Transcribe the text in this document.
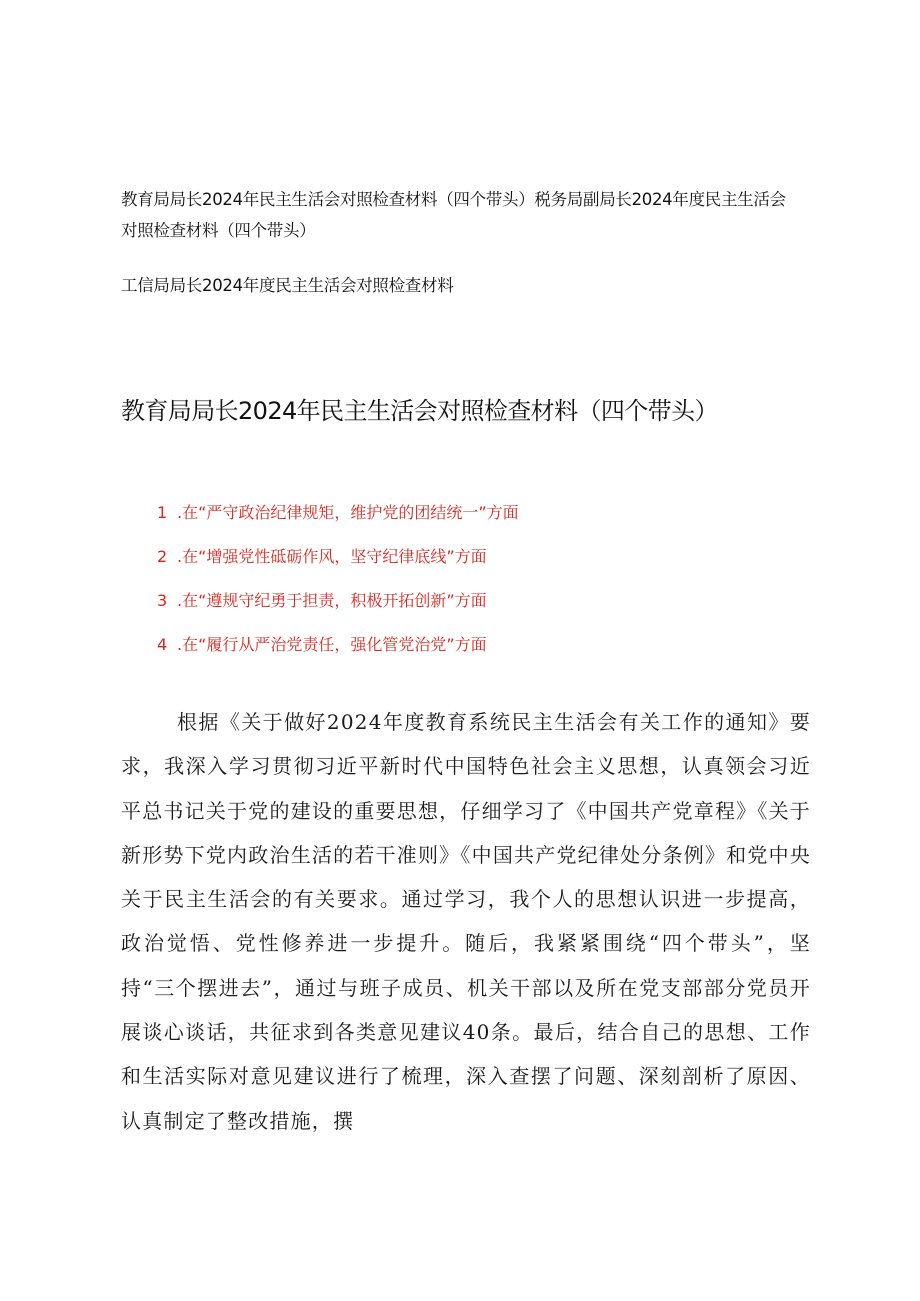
教育局局长2024年民主生活会对照检查材料（四个带头）税务局副局长2024年度民主生活会
对照检查材料（四个带头）
工信局局长2024年度民主生活会对照检查材料
教育局局长2024年民主生活会对照检查材料（四个带头）
1 .在“严守政治纪律规矩，维护党的团结统一”方面
2 .在“增强党性砥砺作风，坚守纪律底线”方面
3 .在“遵规守纪勇于担责，积极开拓创新”方面
4 .在“履行从严治党责任，强化管党治党”方面
根据《关于做好2024年度教育系统民主生活会有关工作的通知》要求，我深入学习贯彻习近平新时代中国特色社会主义思想，认真领会习近平总书记关于党的建设的重要思想，仔细学习了《中国共产党章程》《关于新形势下党内政治生活的若干准则》《中国共产党纪律处分条例》和党中央关于民主生活会的有关要求。通过学习，我个人的思想认识进一步提高，政治觉悟、党性修养进一步提升。随后，我紧紧围绕“四个带头”，坚持“三个摆进去”，通过与班子成员、机关干部以及所在党支部部分党员开展谈心谈话，共征求到各类意见建议40条。最后，结合自己的思想、工作和生活实际对意见建议进行了梳理，深入查摆了问题、深刻剖析了原因、认真制定了整改措施，撰
